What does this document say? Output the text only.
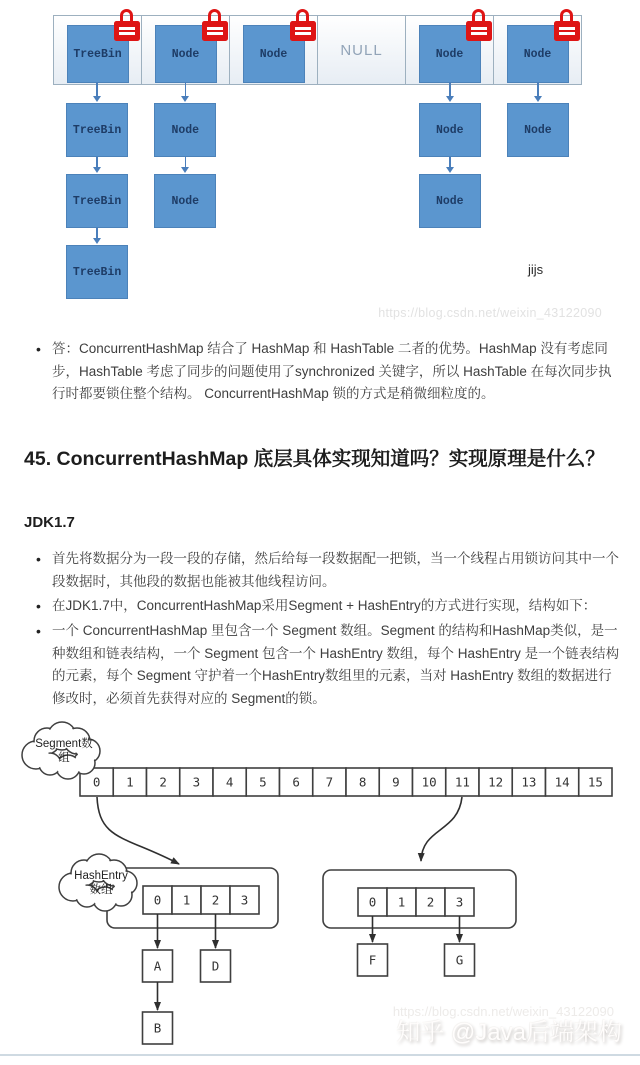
jijs
https://blog.csdn.net/weixin_43122090
TreeBin	Node	Node	NULL	Node	Node
TreeBin
TreeBin
TreeBin
Node
Node
Node
Node
Node
• 答：ConcurrentHashMap 结合了 HashMap 和 HashTable 二者的优势。HashMap 没有考虑同步，HashTable 考虑了同步的问题使用了synchronized 关键字，所以 HashTable 在每次同步执行时都要锁住整个结构。 ConcurrentHashMap 锁的方式是稍微细粒度的。
45. ConcurrentHashMap 底层具体实现知道吗？实现原理是什么？
JDK1.7
• 首先将数据分为一段一段的存储，然后给每一段数据配一把锁，当一个线程占用锁访问其中一个段数据时，其他段的数据也能被其他线程访问。
• 在JDK1.7中，ConcurrentHashMap采用Segment + HashEntry的方式进行实现，结构如下：
• 一个 ConcurrentHashMap 里包含一个 Segment 数组。Segment 的结构和HashMap类似，是一种数组和链表结构，一个 Segment 包含一个 HashEntry 数组，每个 HashEntry 是一个链表结构的元素，每个 Segment 守护着一个HashEntry数组里的元素，当对 HashEntry 数组的数据进行修改时，必须首先获得对应的 Segment的锁。
0 1 2 3 4 5 6 7 8 9 10 11 12 13 14 15
0 1 2 3
A
B
D
0 1 2 3
F	G
Segment数
组
HashEntry
数组
https://blog.csdn.net/weixin_43122090
知乎 @Java后端架构
